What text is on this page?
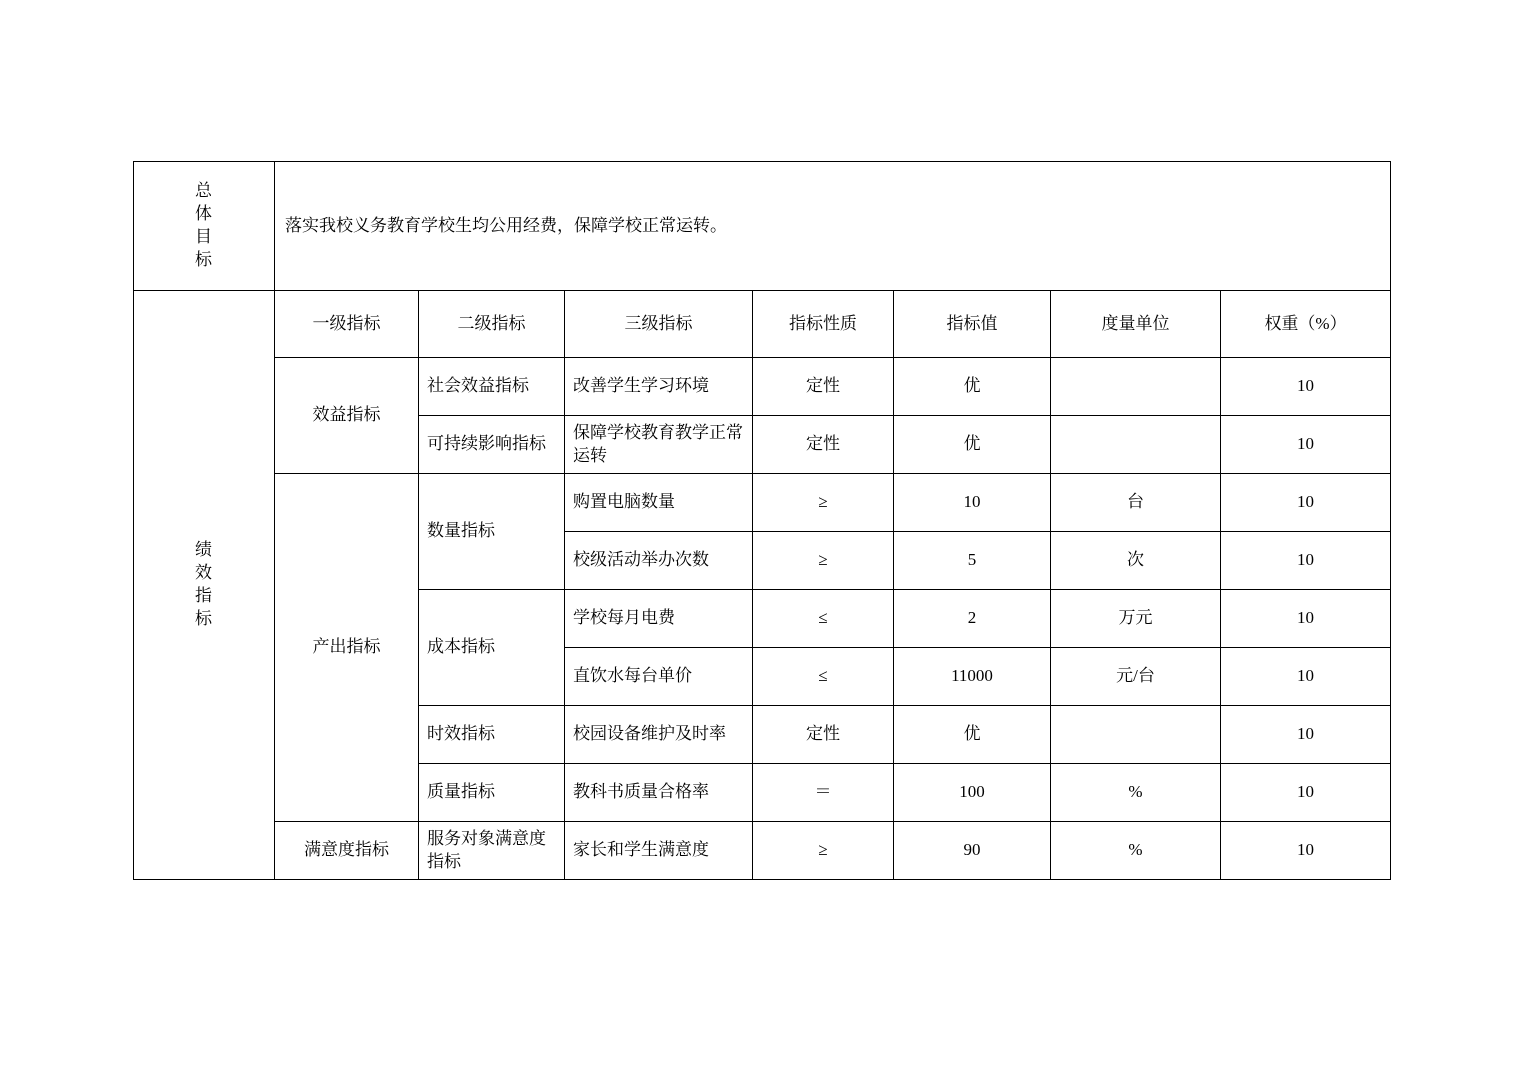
总
体
目
标	落实我校义务教育学校生均公用经费，保障学校正常运转。						

绩
效
指
标	一级指标	二级指标	三级指标	指标性质	指标值	度量单位	权重（%）
	效益指标	社会效益指标	改善学生学习环境	定性	优		10
		可持续影响指标	保障学校教育教学正常运转	定性	优		10
	产出指标	数量指标	购置电脑数量	≥	10	台	10
			校级活动举办次数	≥	5	次	10
		成本指标	学校每月电费	≤	2	万元	10
			直饮水每台单价	≤	11000	元/台	10
		时效指标	校园设备维护及时率	定性	优		10
		质量指标	教科书质量合格率	＝	100	%	10
	满意度指标	服务对象满意度指标	家长和学生满意度	≥	90	%	10
